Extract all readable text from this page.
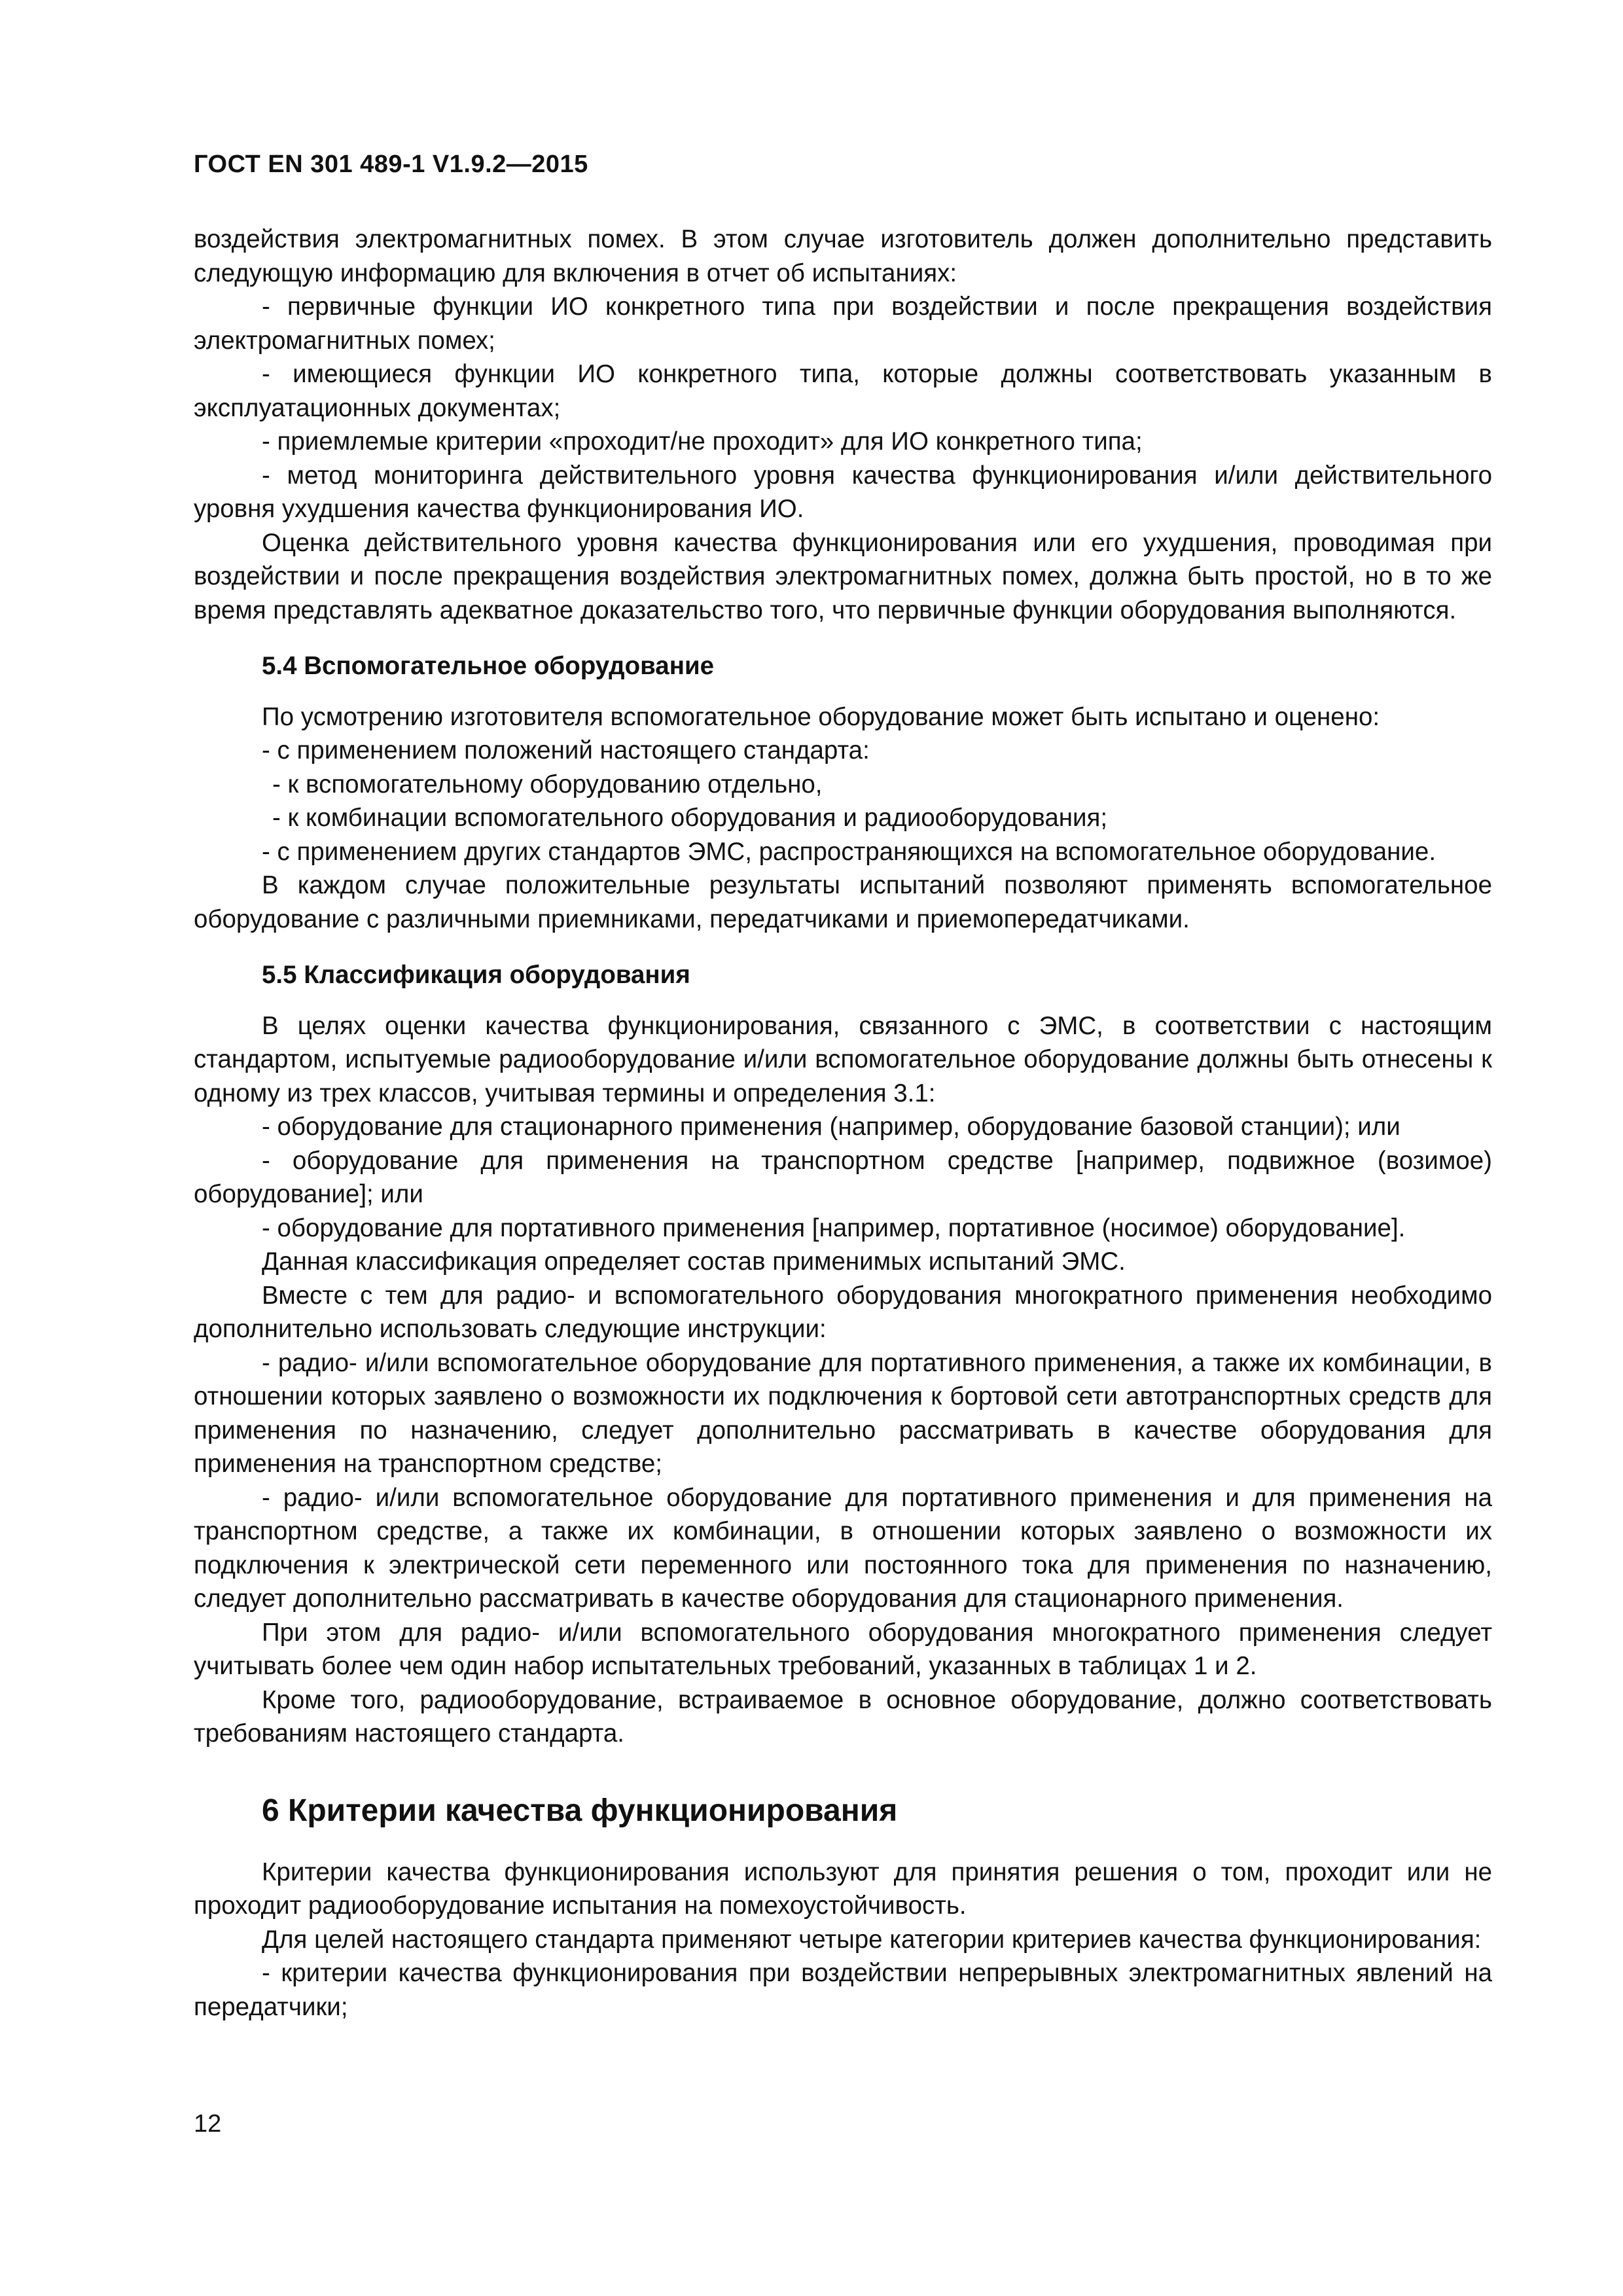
ГОСТ EN 301 489-1 V1.9.2—2015

воздействия электромагнитных помех. В этом случае изготовитель должен дополнительно представить следующую информацию для включения в отчет об испытаниях:

- первичные функции ИО конкретного типа при воздействии и после прекращения воздействия электромагнитных помех;

- имеющиеся функции ИО конкретного типа, которые должны соответствовать указанным в эксплуатационных документах;

- приемлемые критерии «проходит/не проходит» для ИО конкретного типа;

- метод мониторинга действительного уровня качества функционирования и/или действительного уровня ухудшения качества функционирования ИО.

Оценка действительного уровня качества функционирования или его ухудшения, проводимая при воздействии и после прекращения воздействия электромагнитных помех, должна быть простой, но в то же время представлять адекватное доказательство того, что первичные функции оборудования выполняются.

5.4 Вспомогательное оборудование

По усмотрению изготовителя вспомогательное оборудование может быть испытано и оценено:

- с применением положений настоящего стандарта:

- к вспомогательному оборудованию отдельно,

- к комбинации вспомогательного оборудования и радиооборудования;

- с применением других стандартов ЭМС, распространяющихся на вспомогательное оборудование.

В каждом случае положительные результаты испытаний позволяют применять вспомогательное оборудование с различными приемниками, передатчиками и приемопередатчиками.

5.5 Классификация оборудования

В целях оценки качества функционирования, связанного с ЭМС, в соответствии с настоящим стандартом, испытуемые радиооборудование и/или вспомогательное оборудование должны быть отнесены к одному из трех классов, учитывая термины и определения 3.1:

- оборудование для стационарного применения (например, оборудование базовой станции); или

- оборудование для применения на транспортном средстве [например, подвижное (возимое) оборудование]; или

- оборудование для портативного применения [например, портативное (носимое) оборудование].

Данная классификация определяет состав применимых испытаний ЭМС.

Вместе с тем для радио- и вспомогательного оборудования многократного применения необходимо дополнительно использовать следующие инструкции:

- радио- и/или вспомогательное оборудование для портативного применения, а также их комбинации, в отношении которых заявлено о возможности их подключения к бортовой сети автотранспортных средств для применения по назначению, следует дополнительно рассматривать в качестве оборудования для применения на транспортном средстве;

- радио- и/или вспомогательное оборудование для портативного применения и для применения на транспортном средстве, а также их комбинации, в отношении которых заявлено о возможности их подключения к электрической сети переменного или постоянного тока для применения по назначению, следует дополнительно рассматривать в качестве оборудования для стационарного применения.

При этом для радио- и/или вспомогательного оборудования многократного применения следует учитывать более чем один набор испытательных требований, указанных в таблицах 1 и 2.

Кроме того, радиооборудование, встраиваемое в основное оборудование, должно соответствовать требованиям настоящего стандарта.

6 Критерии качества функционирования

Критерии качества функционирования используют для принятия решения о том, проходит или не проходит радиооборудование испытания на помехоустойчивость.

Для целей настоящего стандарта применяют четыре категории критериев качества функционирования:

- критерии качества функционирования при воздействии непрерывных электромагнитных явлений на передатчики;

12
